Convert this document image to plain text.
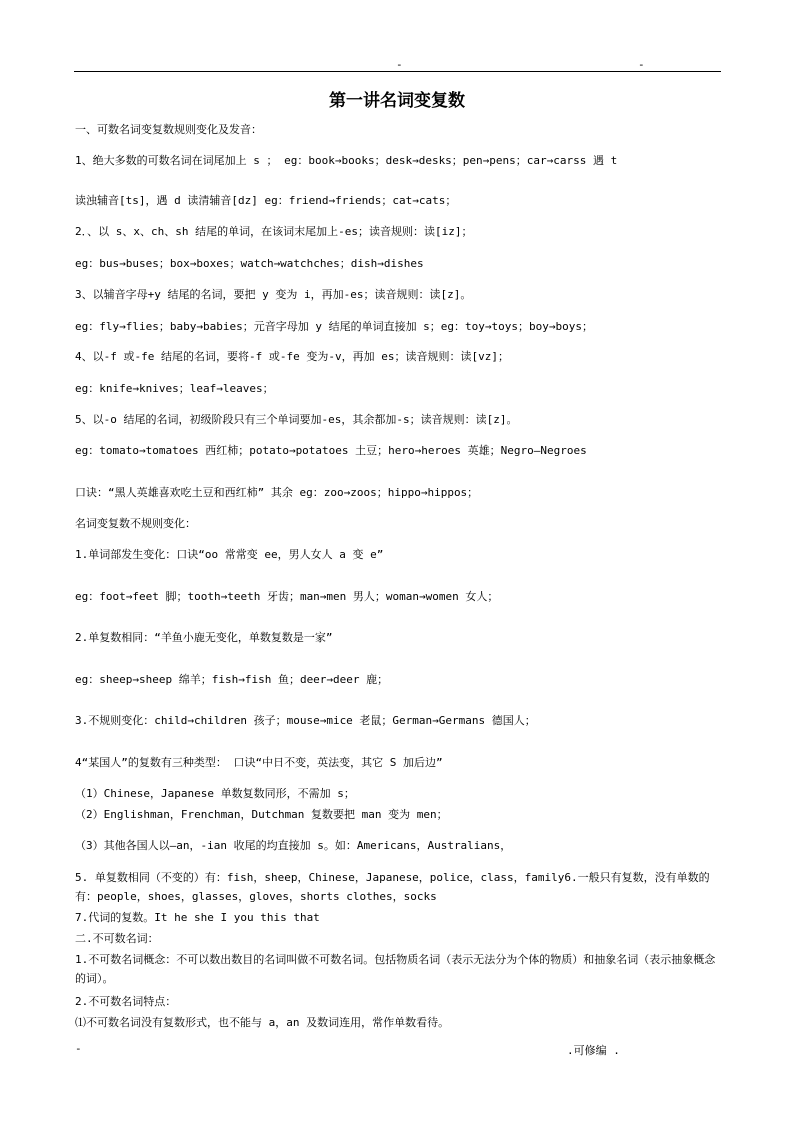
-	-
第一讲名词变复数
一、可数名词变复数规则变化及发音：
1、绝大多数的可数名词在词尾加上 s ； eg：book→books；desk→desks；pen→pens；car→carss 遇 t
读浊辅音[ts]，遇 d 读清辅音[dz] eg：friend→friends；cat→cats；
2．、以 s、x、ch、sh 结尾的单词，在该词末尾加上-es；读音规则：读[iz]；
eg：bus→buses；box→boxes；watch→watchches；dish→dishes
3、以辅音字母+y 结尾的名词，要把 y 变为 i，再加-es；读音规则：读[z]。
eg：fly→flies；baby→babies；元音字母加 y 结尾的单词直接加 s；eg：toy→toys；boy→boys；
4、以-f 或-fe 结尾的名词，要将-f 或-fe 变为-v，再加 es；读音规则：读[vz]；
eg：knife→knives；leaf→leaves；
5、以-o 结尾的名词，初级阶段只有三个单词要加-es，其余都加-s；读音规则：读[z]。
eg：tomato→tomatoes 西红柿；potato→potatoes 土豆；hero→heroes 英雄；Negro—Negroes
口诀：“黑人英雄喜欢吃土豆和西红柿” 其余 eg：zoo→zoos；hippo→hippos；
名词变复数不规则变化：
1.单词部发生变化：口诀“oo 常常变 ee，男人女人 a 变 e”
eg：foot→feet 脚；tooth→teeth 牙齿；man→men 男人；woman→women 女人；
2.单复数相同：“羊鱼小鹿无变化，单数复数是一家”
eg：sheep→sheep 绵羊；fish→fish 鱼；deer→deer 鹿；
3.不规则变化：child→children 孩子；mouse→mice 老鼠；German→Germans 德国人；
4“某国人”的复数有三种类型： 口诀“中日不变，英法变，其它 S 加后边”
（1）Chinese，Japanese 单数复数同形，不需加 s；
（2）Englishman，Frenchman，Dutchman 复数要把 man 变为 men；
（3）其他各国人以—an，-ian 收尾的均直接加 s。如：Americans，Australians，
5. 单复数相同（不变的）有：fish，sheep，Chinese，Japanese，police，class，family6.一般只有复数，没有单数的有：people，shoes，glasses，gloves，shorts clothes，socks
7.代词的复数。It he she I you this that
二.不可数名词：
1.不可数名词概念：不可以数出数目的名词叫做不可数名词。包括物质名词（表示无法分为个体的物质）和抽象名词（表示抽象概念的词）。
2.不可数名词特点：
⑴不可数名词没有复数形式，也不能与 a，an 及数词连用，常作单数看待。
-	.可修编 .
